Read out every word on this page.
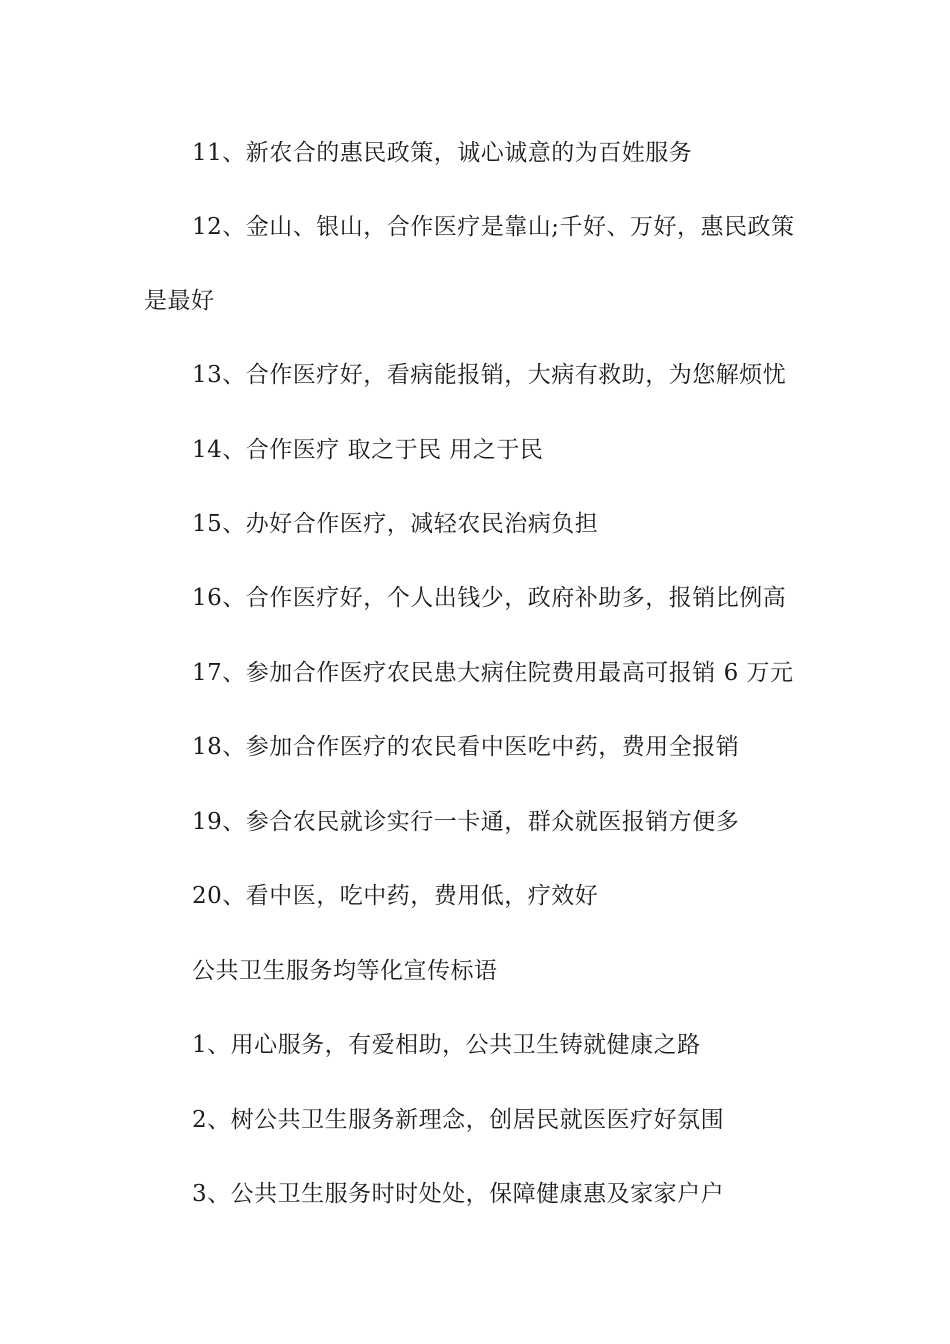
11、新农合的惠民政策，诚心诚意的为百姓服务
12、金山、银山，合作医疗是靠山;千好、万好，惠民政策
是最好
13、合作医疗好，看病能报销，大病有救助，为您解烦忧
14、合作医疗 取之于民 用之于民
15、办好合作医疗，减轻农民治病负担
16、合作医疗好，个人出钱少，政府补助多，报销比例高
17、参加合作医疗农民患大病住院费用最高可报销 6 万元
18、参加合作医疗的农民看中医吃中药，费用全报销
19、参合农民就诊实行一卡通，群众就医报销方便多
20、看中医，吃中药，费用低，疗效好
公共卫生服务均等化宣传标语
1、用心服务，有爱相助，公共卫生铸就健康之路
2、树公共卫生服务新理念，创居民就医医疗好氛围
3、公共卫生服务时时处处，保障健康惠及家家户户
